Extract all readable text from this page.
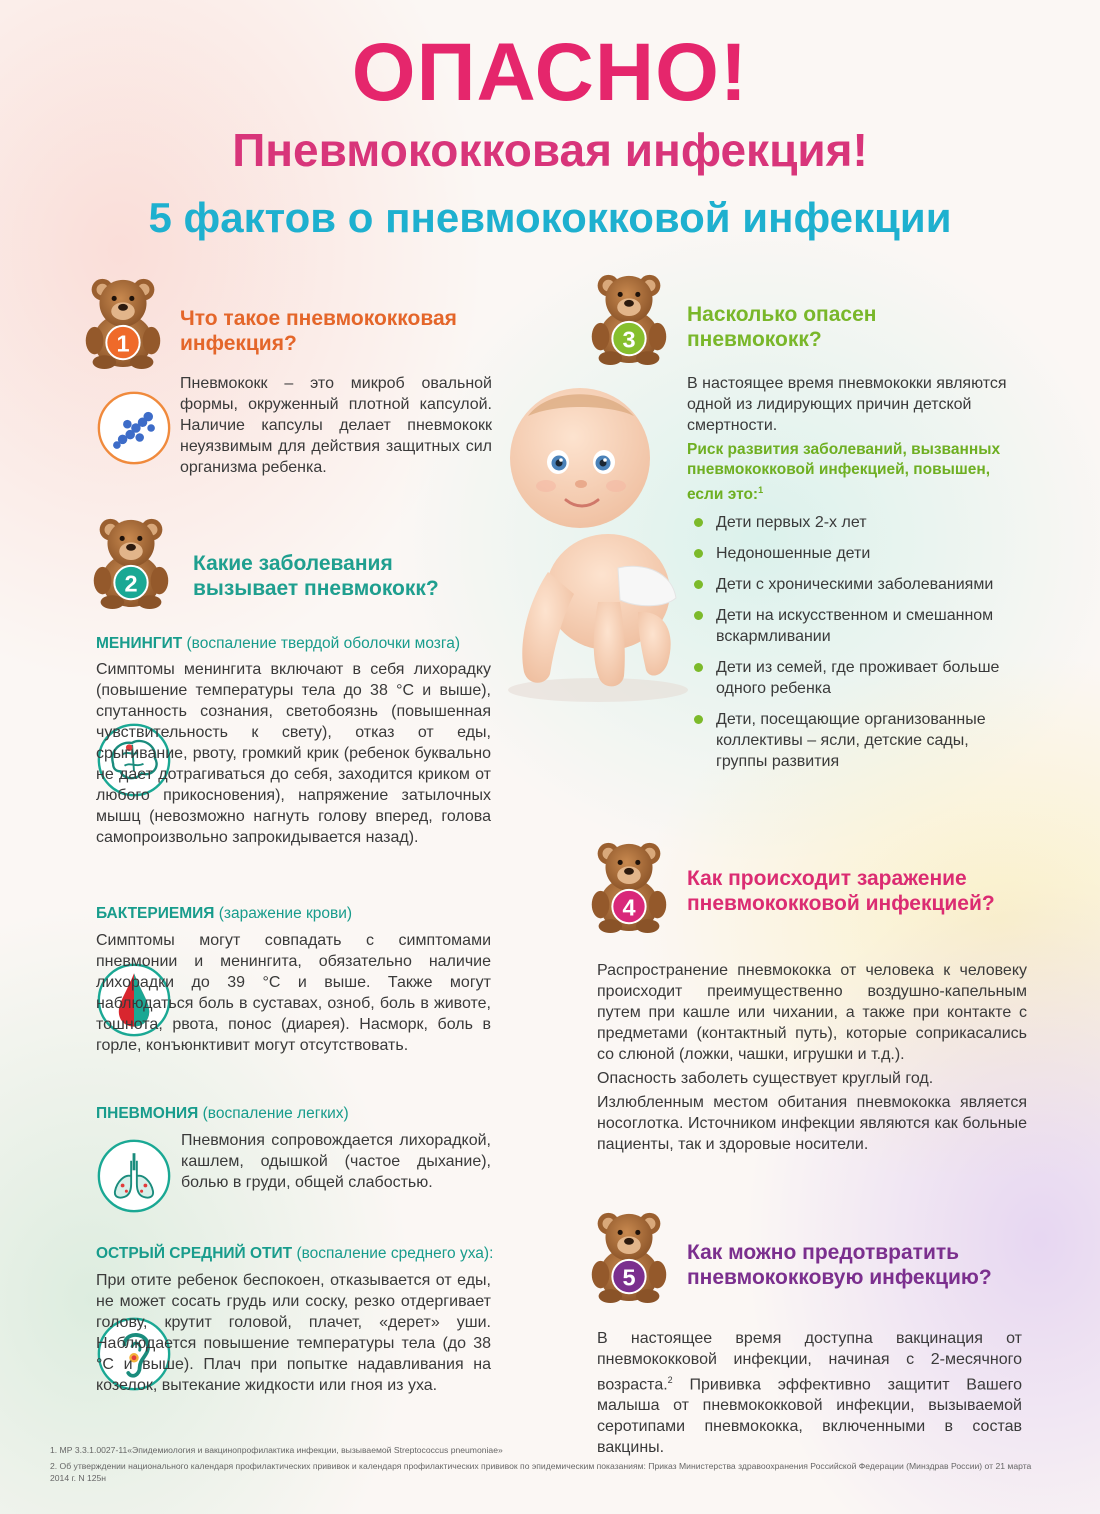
ОПАСНО!
Пневмококковая инфекция!
5 фактов о пневмококковой инфекции
1
Что такое пневмококковая
инфекция?

Пневмококк – это микроб овальной формы, окруженный плотной капсулой. Наличие капсулы делает пневмококк неуязвимым для действия защитных сил организма ребенка.

2
Какие заболевания
вызывает пневмококк?
МЕНИНГИТ (воспаление твердой оболочки мозга)

Симптомы менингита включают в себя лихорадку (повышение температуры тела до 38 °С и выше), спутанность сознания, светобоязнь (повышенная чувствительность к свету), отказ от еды, срыгивание, рвоту, громкий крик (ребенок буквально не дает дотрагиваться до себя, заходится криком от любого прикосновения), напряжение затылочных мышц (невозможно нагнуть голову вперед, голова самопроизвольно запрокидывается назад).

БАКТЕРИЕМИЯ (заражение крови)

Симптомы могут совпадать с симптомами пневмонии и менингита, обязательно наличие лихорадки до 39 °С и выше. Также могут наблюдаться боль в суставах, озноб, боль в животе, тошнота, рвота, понос (диарея). Насморк, боль в горле, конъюнктивит могут отсутствовать.

ПНЕВМОНИЯ (воспаление легких)

Пневмония сопровождается лихорадкой, кашлем, одышкой (частое дыхание), болью в груди, общей слабостью.

ОСТРЫЙ СРЕДНИЙ ОТИТ (воспаление среднего уха):

При отите ребенок беспокоен, отказывается от еды, не может сосать грудь или соску, резко отдергивает голову, крутит головой, плачет, «дерет» уши. Наблюдается повышение температуры тела (до 38 °С и выше). Плач при попытке надавливания на козелок, вытекание жидкости или гноя из уха.

3
Насколько опасен
пневмококк?

В настоящее время пневмококки являются одной из лидирующих причин детской смертности.

Риск развития заболеваний, вызванных пневмококковой инфекцией, повышен, если это:$^1$
Дети первых 2-х лет
Недоношенные дети
Дети с хроническими заболеваниями
Дети на искусственном и смешанном вскармливании
Дети из семей, где проживает больше одного ребенка
Дети, посещающие организованные коллективы – ясли, детские сады, группы развития
4
Как происходит заражение
пневмококковой инфекцией?

Распространение пневмококка от человека к человеку происходит преимущественно воздушно-капельным путем при кашле или чихании, а также при контакте с предметами (контактный путь), которые соприкасались со слюной (ложки, чашки, игрушки и т.д.).

Опасность заболеть существует круглый год.

Излюбленным местом обитания пневмококка является носоглотка. Источником инфекции являются как больные пациенты, так и здоровые носители.

5
Как можно предотвратить
пневмококковую инфекцию?

В настоящее время доступна вакцинация от пневмококковой инфекции, начиная с 2-месячного возраста.$^2$ Прививка эффективно защитит Вашего малыша от пневмококковой инфекции, вызываемой серотипами пневмококка, включенными в состав вакцины.

1. МР 3.3.1.0027-11«Эпидемиология и вакцинопрофилактика инфекции, вызываемой Streptococcus pneumoniae»
2. Об утверждении национального календаря профилактических прививок и календаря профилактических прививок по эпидемическим показаниям: Приказ Министерства здравоохранения Российской Федерации (Минздрав России) от 21 марта 2014 г. N 125н
